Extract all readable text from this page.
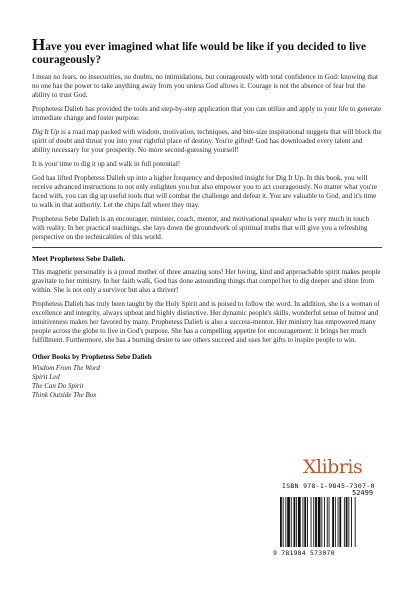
Have you ever imagined what life would be like if you decided to live courageously?

I mean no fears, no insecurities, no doubts, no intimidations, but courageously with total confidence in God: knowing that no one has the power to take anything away from you unless God allows it. Courage is not the absence of fear but the ability to trust God.

Prophetess Dalieh has provided the tools and step-by-step application that you can utilize and apply to your life to generate immediate change and foster purpose.

Dig It Up is a road map packed with wisdom, motivation, techniques, and bite-size inspirational nuggets that will block the spirit of doubt and thrust you into your rightful place of destiny. You're gifted! God has downloaded every talent and ability necessary for your prosperity. No more second-guessing yourself!

It is your time to dig it up and walk in full potential!

God has lifted Prophetess Dalieh up into a higher frequency and deposited insight for Dig It Up. In this book, you will receive advanced instructions to not only enlighten you but also empower you to act courageously. No matter what you're faced with, you can dig up useful tools that will combat the challenge and defeat it. You are valuable to God, and it's time to walk in that authority. Let the chips fall where they may.

Prophetess Sebe Dalieh is an encourager, minister, coach, mentor, and motivational speaker who is very much in touch with reality. In her practical teachings, she lays down the groundwork of spiritual truths that will give you a refreshing perspective on the technicalities of this world.

Meet Prophetess Sebe Dalieh.

This magnetic personality is a proud mother of three amazing sons! Her loving, kind and approachable spirit makes people gravitate to her ministry. In her faith walk, God has done astounding things that compel her to dig deeper and shine from within. She is not only a survivor but also a thriver!

Prophetess Dalieh has truly been taught by the Holy Spirit and is poised to follow the word. In addition, she is a woman of excellence and integrity, always upbeat and highly distinctive. Her dynamic people's skills, wonderful sense of humor and intuitiveness makes her favored by many. Prophetess Dalieh is also a success-mentor. Her ministry has empowered many people across the globe to live in God's purpose. She has a compelling appetite for encouragement: it brings her much fulfillment. Furthermore, she has a burning desire to see others succeed and uses her gifts to inspire people to win.

Other Books by Prophetess Sebe Dalieh
Wisdom From The Word
Spirit Led
The Can Do Spirit
Think Outside The Box
Xlibris
ISBN 978-1-9845-7307-0
52499
9 781984 573070
